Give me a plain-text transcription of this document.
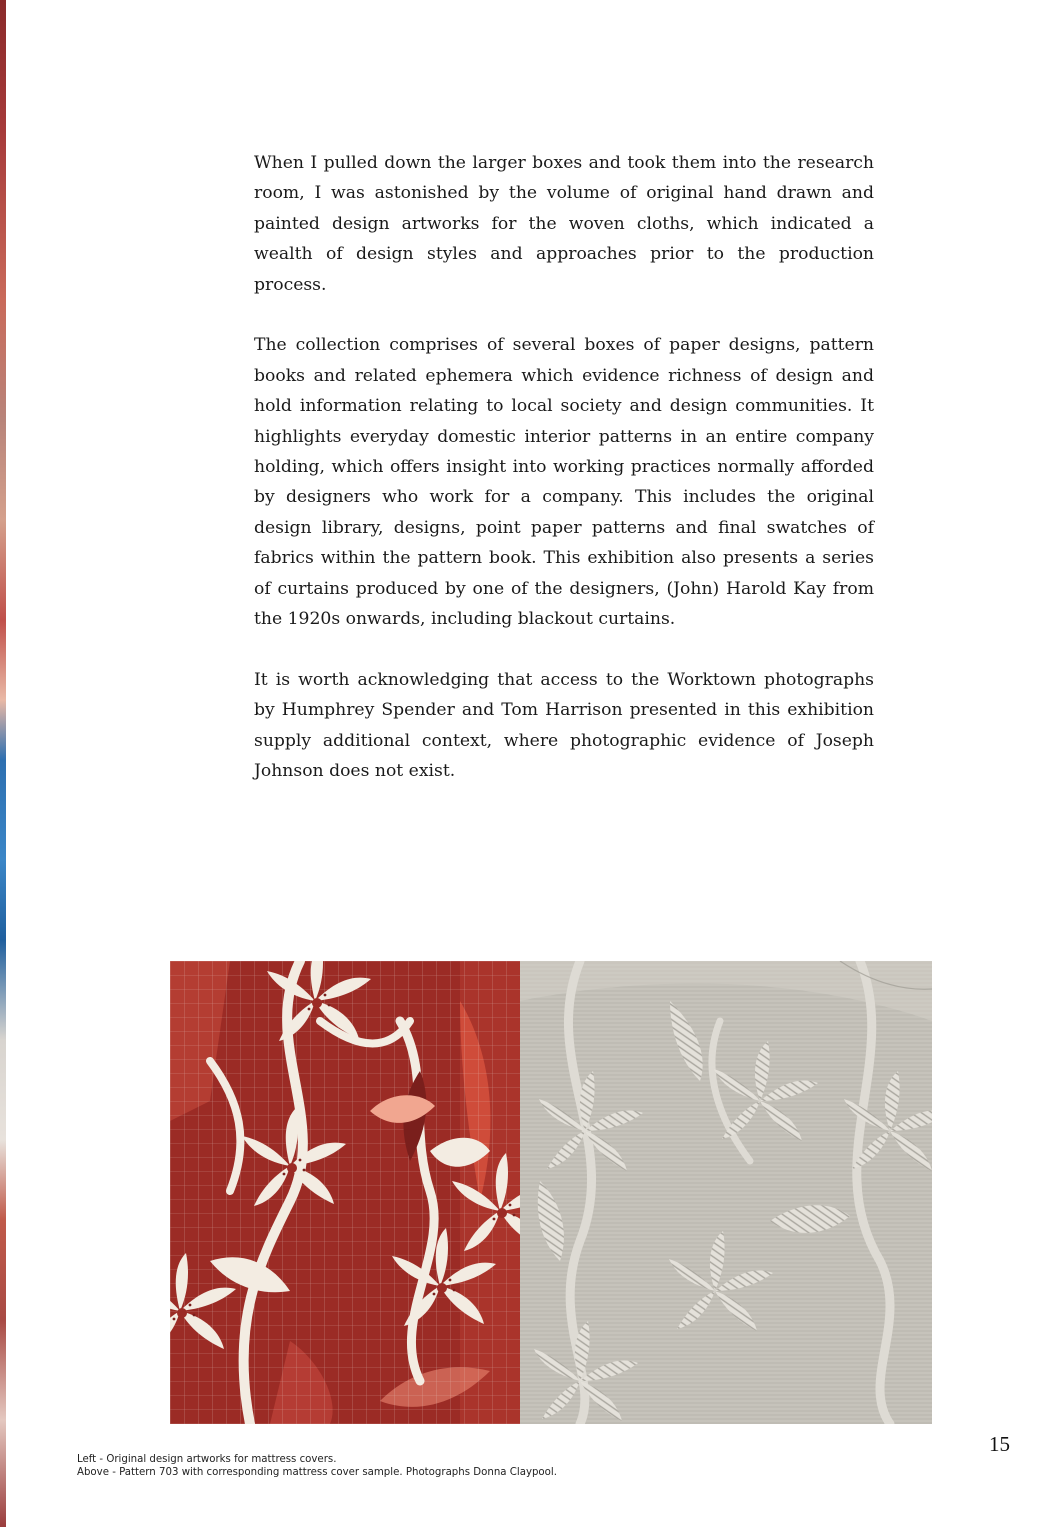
When I pulled down the larger boxes and took them into the research room, I was astonished by the volume of original hand drawn and painted design artworks for the woven cloths, which indicated a wealth of design styles and approaches prior to the production process.

The collection comprises of several boxes of paper designs, pattern books and related ephemera which evidence richness of design and hold information relating to local society and design communities. It highlights everyday domestic interior patterns in an entire company holding, which offers insight into working practices normally afforded by designers who work for a company. This includes the original design library, designs, point paper patterns and final swatches of fabrics within the pattern book. This exhibition also presents a series of curtains produced by one of the designers, (John) Harold Kay from the 1920s onwards, including blackout curtains.

It is worth acknowledging that access to the Worktown photographs by Humphrey Spender and Tom Harrison presented in this exhibition supply additional context, where photographic evidence of Joseph Johnson does not exist.

Left - Original design artworks for mattress covers.
Above - Pattern 703 with corresponding mattress cover sample. Photographs Donna Claypool.
15
